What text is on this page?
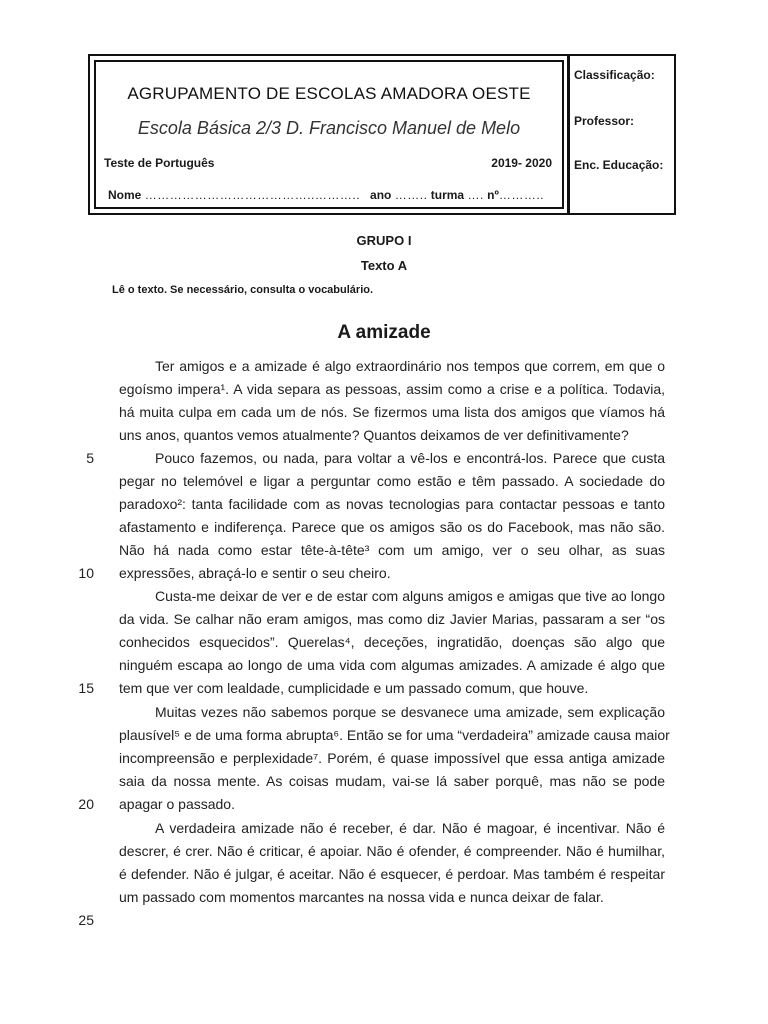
AGRUPAMENTO DE ESCOLAS AMADORA OESTE
Escola Básica 2/3 D. Francisco Manuel de Melo
Teste de Português	2019- 2020
Nome …………………………………..……….. ano …….. turma …. nº………..
Classificação:
Professor:
Enc. Educação:
GRUPO I
Texto A
Lê o texto. Se necessário, consulta o vocabulário.
A amizade
Ter amigos e a amizade é algo extraordinário nos tempos que correm, em que o
egoísmo impera¹. A vida separa as pessoas, assim como a crise e a política. Todavia,
há muita culpa em cada um de nós. Se fizermos uma lista dos amigos que víamos há
uns anos, quantos vemos atualmente? Quantos deixamos de ver definitivamente?
Pouco fazemos, ou nada, para voltar a vê-los e encontrá-los. Parece que custa
pegar no telemóvel e ligar a perguntar como estão e têm passado. A sociedade do
paradoxo²: tanta facilidade com as novas tecnologias para contactar pessoas e tanto
afastamento e indiferença. Parece que os amigos são os do Facebook, mas não são.
Não há nada como estar tête-à-tête³ com um amigo, ver o seu olhar, as suas
expressões, abraçá-lo e sentir o seu cheiro.
Custa-me deixar de ver e de estar com alguns amigos e amigas que tive ao longo
da vida. Se calhar não eram amigos, mas como diz Javier Marias, passaram a ser “os
conhecidos esquecidos”. Querelas⁴, deceções, ingratidão, doenças são algo que
ninguém escapa ao longo de uma vida com algumas amizades. A amizade é algo que
tem que ver com lealdade, cumplicidade e um passado comum, que houve.
Muitas vezes não sabemos porque se desvanece uma amizade, sem explicação
plausível⁵ e de uma forma abrupta⁶. Então se for uma “verdadeira” amizade causa maior
incompreensão e perplexidade⁷. Porém, é quase impossível que essa antiga amizade
saia da nossa mente. As coisas mudam, vai-se lá saber porquê, mas não se pode
apagar o passado.
A verdadeira amizade não é receber, é dar. Não é magoar, é incentivar. Não é
descrer, é crer. Não é criticar, é apoiar. Não é ofender, é compreender. Não é humilhar,
é defender. Não é julgar, é aceitar. Não é esquecer, é perdoar. Mas também é respeitar
um passado com momentos marcantes na nossa vida e nunca deixar de falar.
5
10
15
20
25
